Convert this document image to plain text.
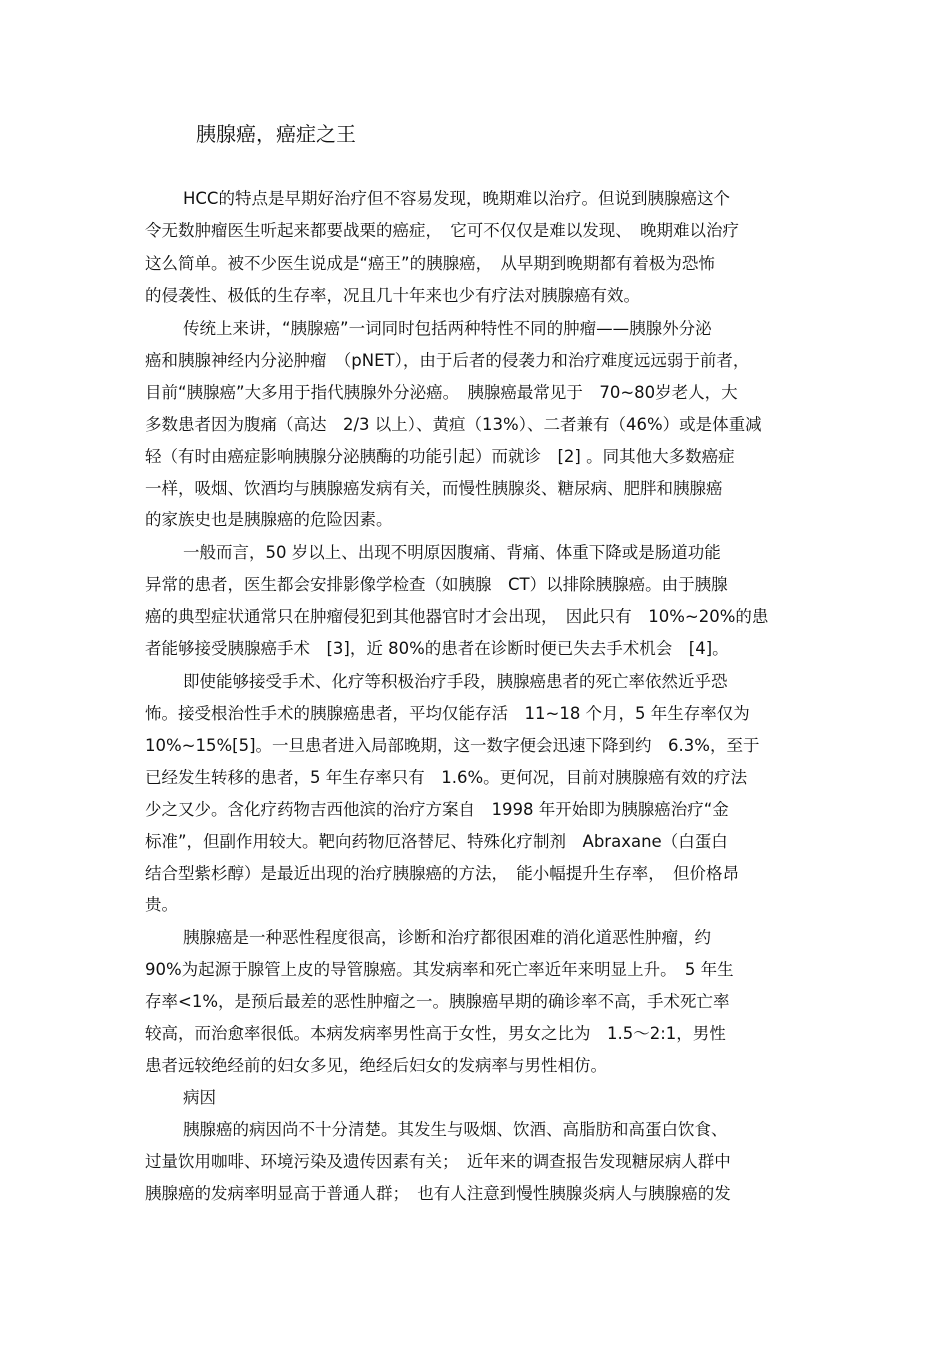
胰腺癌，癌症之王
HCC的特点是早期好治疗但不容易发现，晚期难以治疗。但说到胰腺癌这个
令无数肿瘤医生听起来都要战栗的癌症，　它可不仅仅是难以发现、　晚期难以治疗
这么简单。被不少医生说成是“癌王”的胰腺癌，　从早期到晚期都有着极为恐怖
的侵袭性、极低的生存率，况且几十年来也少有疗法对胰腺癌有效。
传统上来讲，“胰腺癌”一词同时包括两种特性不同的肿瘤——胰腺外分泌
癌和胰腺神经内分泌肿瘤　（pNET），由于后者的侵袭力和治疗难度远远弱于前者，
目前“胰腺癌”大多用于指代胰腺外分泌癌。　胰腺癌最常见于　70~80岁老人，大
多数患者因为腹痛（高达　2/3 以上）、黄疸（13%）、二者兼有（46%）或是体重减
轻（有时由癌症影响胰腺分泌胰酶的功能引起）而就诊　[2] 。同其他大多数癌症
一样，吸烟、饮酒均与胰腺癌发病有关，而慢性胰腺炎、糖尿病、肥胖和胰腺癌
的家族史也是胰腺癌的危险因素。
一般而言，50 岁以上、出现不明原因腹痛、背痛、体重下降或是肠道功能
异常的患者，医生都会安排影像学检查（如胰腺　CT）以排除胰腺癌。由于胰腺
癌的典型症状通常只在肿瘤侵犯到其他器官时才会出现，　因此只有　10%~20%的患
者能够接受胰腺癌手术　[3]，近 80%的患者在诊断时便已失去手术机会　[4]。
即使能够接受手术、化疗等积极治疗手段，胰腺癌患者的死亡率依然近乎恐
怖。接受根治性手术的胰腺癌患者，平均仅能存活　11~18 个月，5 年生存率仅为
10%~15%[5]。一旦患者进入局部晚期，这一数字便会迅速下降到约　6.3%，至于
已经发生转移的患者，5 年生存率只有　1.6%。更何况，目前对胰腺癌有效的疗法
少之又少。含化疗药物吉西他滨的治疗方案自　1998 年开始即为胰腺癌治疗“金
标准”，但副作用较大。靶向药物厄洛替尼、特殊化疗制剂　Abraxane（白蛋白
结合型紫杉醇）是最近出现的治疗胰腺癌的方法，　能小幅提升生存率，　但价格昂
贵。
胰腺癌是一种恶性程度很高，诊断和治疗都很困难的消化道恶性肿瘤，约
90%为起源于腺管上皮的导管腺癌。其发病率和死亡率近年来明显上升。　5 年生
存率<1%，是预后最差的恶性肿瘤之一。胰腺癌早期的确诊率不高，手术死亡率
较高，而治愈率很低。本病发病率男性高于女性，男女之比为　1.5～2:1，男性
患者远较绝经前的妇女多见，绝经后妇女的发病率与男性相仿。
病因
胰腺癌的病因尚不十分清楚。其发生与吸烟、饮酒、高脂肪和高蛋白饮食、
过量饮用咖啡、环境污染及遗传因素有关；　近年来的调查报告发现糖尿病人群中
胰腺癌的发病率明显高于普通人群；　也有人注意到慢性胰腺炎病人与胰腺癌的发
